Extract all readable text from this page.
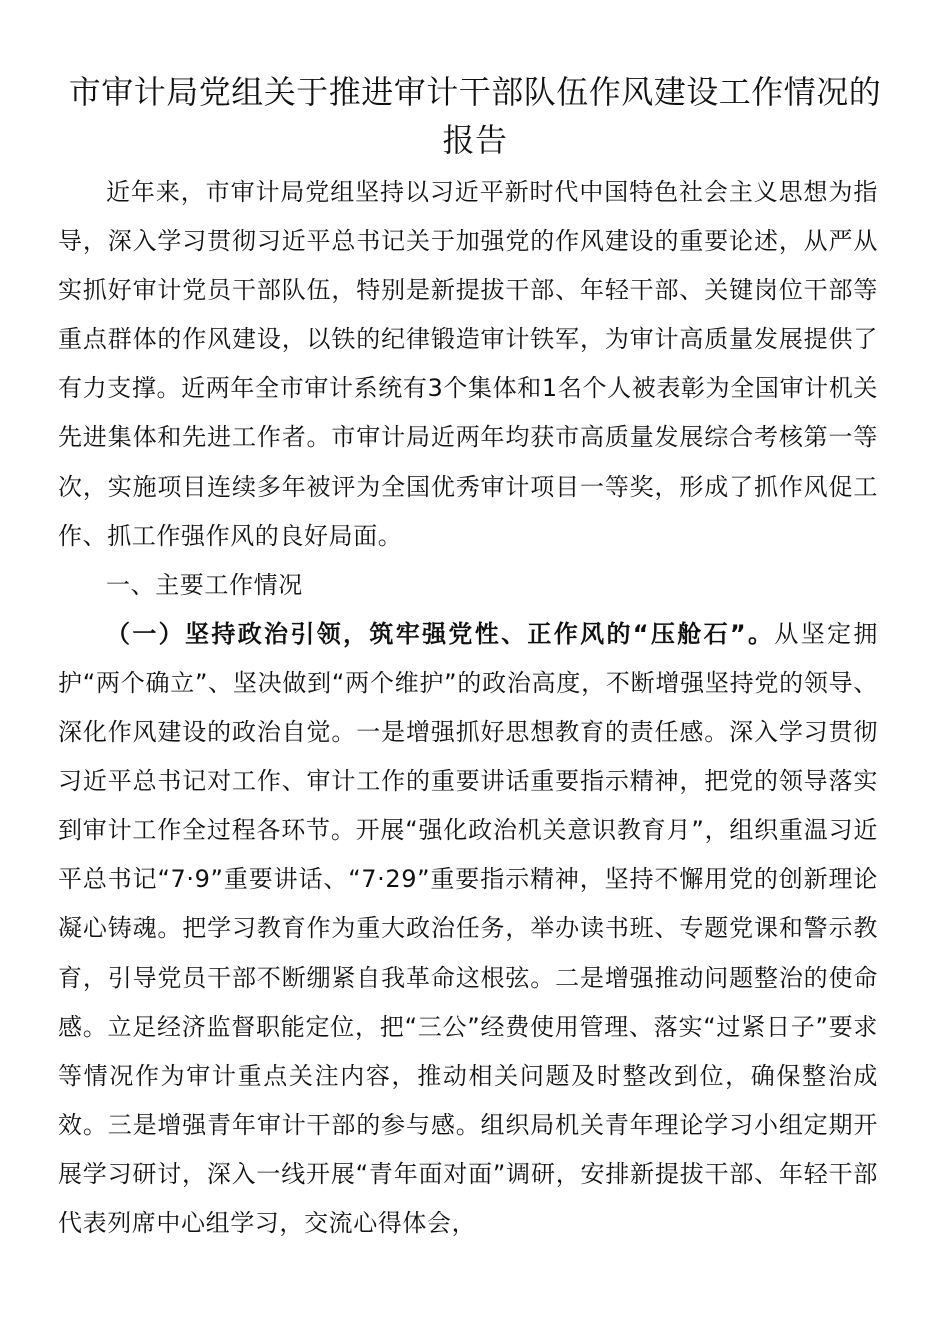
市审计局党组关于推进审计干部队伍作风建设工作情况的报告

近年来，市审计局党组坚持以习近平新时代中国特色社会主义思想为指导，深入学习贯彻习近平总书记关于加强党的作风建设的重要论述，从严从实抓好审计党员干部队伍，特别是新提拔干部、年轻干部、关键岗位干部等重点群体的作风建设，以铁的纪律锻造审计铁军，为审计高质量发展提供了有力支撑。近两年全市审计系统有3个集体和1名个人被表彰为全国审计机关先进集体和先进工作者。市审计局近两年均获市高质量发展综合考核第一等次，实施项目连续多年被评为全国优秀审计项目一等奖，形成了抓作风促工作、抓工作强作风的良好局面。

一、主要工作情况

（一）坚持政治引领，筑牢强党性、正作风的“压舱石”。从坚定拥护“两个确立”、坚决做到“两个维护”的政治高度，不断增强坚持党的领导、深化作风建设的政治自觉。一是增强抓好思想教育的责任感。深入学习贯彻习近平总书记对工作、审计工作的重要讲话重要指示精神，把党的领导落实到审计工作全过程各环节。开展“强化政治机关意识教育月”，组织重温习近平总书记“7·9”重要讲话、“7·29”重要指示精神，坚持不懈用党的创新理论凝心铸魂。把学习教育作为重大政治任务，举办读书班、专题党课和警示教育，引导党员干部不断绷紧自我革命这根弦。二是增强推动问题整治的使命感。立足经济监督职能定位，把“三公”经费使用管理、落实“过紧日子”要求等情况作为审计重点关注内容，推动相关问题及时整改到位，确保整治成效。三是增强青年审计干部的参与感。组织局机关青年理论学习小组定期开展学习研讨，深入一线开展“青年面对面”调研，安排新提拔干部、年轻干部代表列席中心组学习，交流心得体会，
